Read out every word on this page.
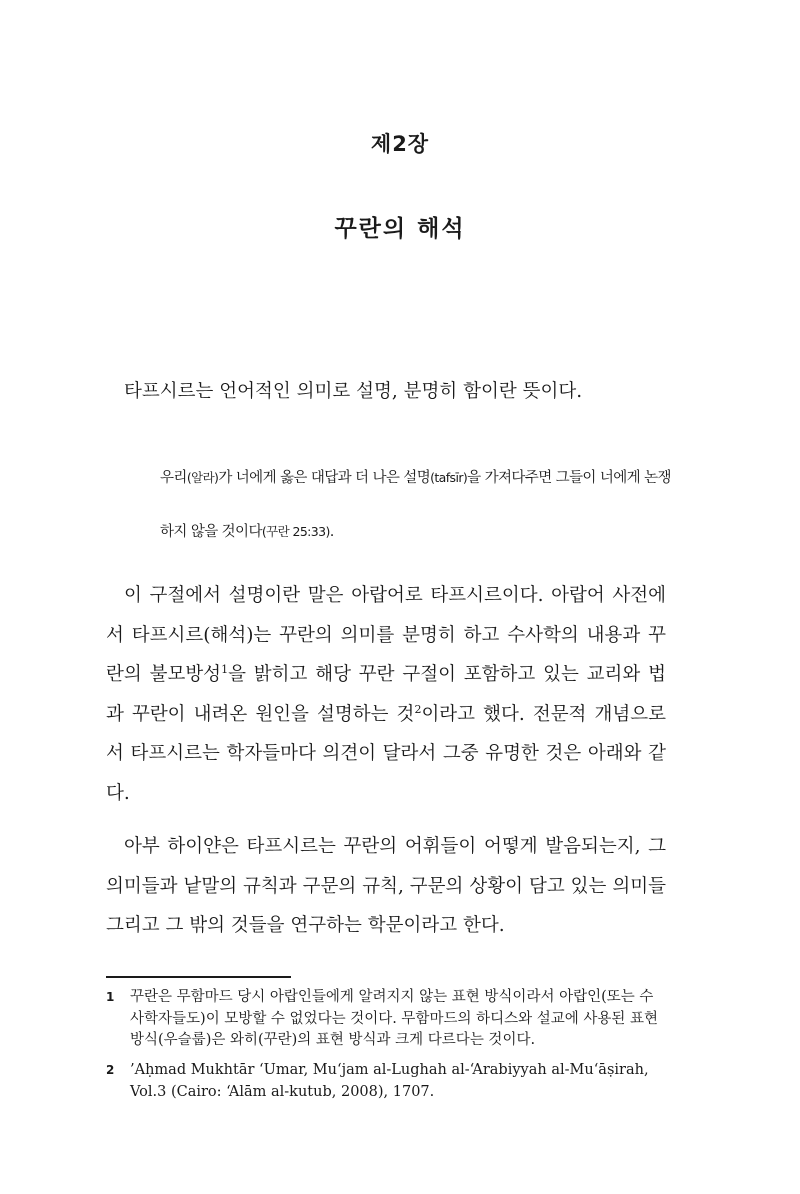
제2장
꾸란의 해석
타프시르는 언어적인 의미로 설명, 분명히 함이란 뜻이다.
우리(알라)가 너에게 옳은 대답과 더 나은 설명(tafsīr)을 가져다주면 그들이 너에게 논쟁하지 않을 것이다(꾸란 25:33).
이 구절에서 설명이란 말은 아랍어로 타프시르이다. 아랍어 사전에서 타프시르(해석)는 꾸란의 의미를 분명히 하고 수사학의 내용과 꾸란의 불모방성$^1$을 밝히고 해당 꾸란 구절이 포함하고 있는 교리와 법과 꾸란이 내려온 원인을 설명하는 것$^2$이라고 했다. 전문적 개념으로서 타프시르는 학자들마다 의견이 달라서 그중 유명한 것은 아래와 같다.
아부 하이얀은 타프시르는 꾸란의 어휘들이 어떻게 발음되는지, 그 의미들과 낱말의 규칙과 구문의 규칙, 구문의 상황이 담고 있는 의미들 그리고 그 밖의 것들을 연구하는 학문이라고 한다.
1	꾸란은 무함마드 당시 아랍인들에게 알려지지 않는 표현 방식이라서 아랍인(또는 수사학자들도)이 모방할 수 없었다는 것이다. 무함마드의 하디스와 설교에 사용된 표현 방식(우슬룹)은 와히(꾸란)의 표현 방식과 크게 다르다는 것이다.
2	’Aḥmad Mukhtār ‘Umar, Mu‘jam al-Lughah al-‘Arabiyyah al-Mu‘āṣirah, Vol.3 (Cairo: ‘Alām al-kutub, 2008), 1707.
